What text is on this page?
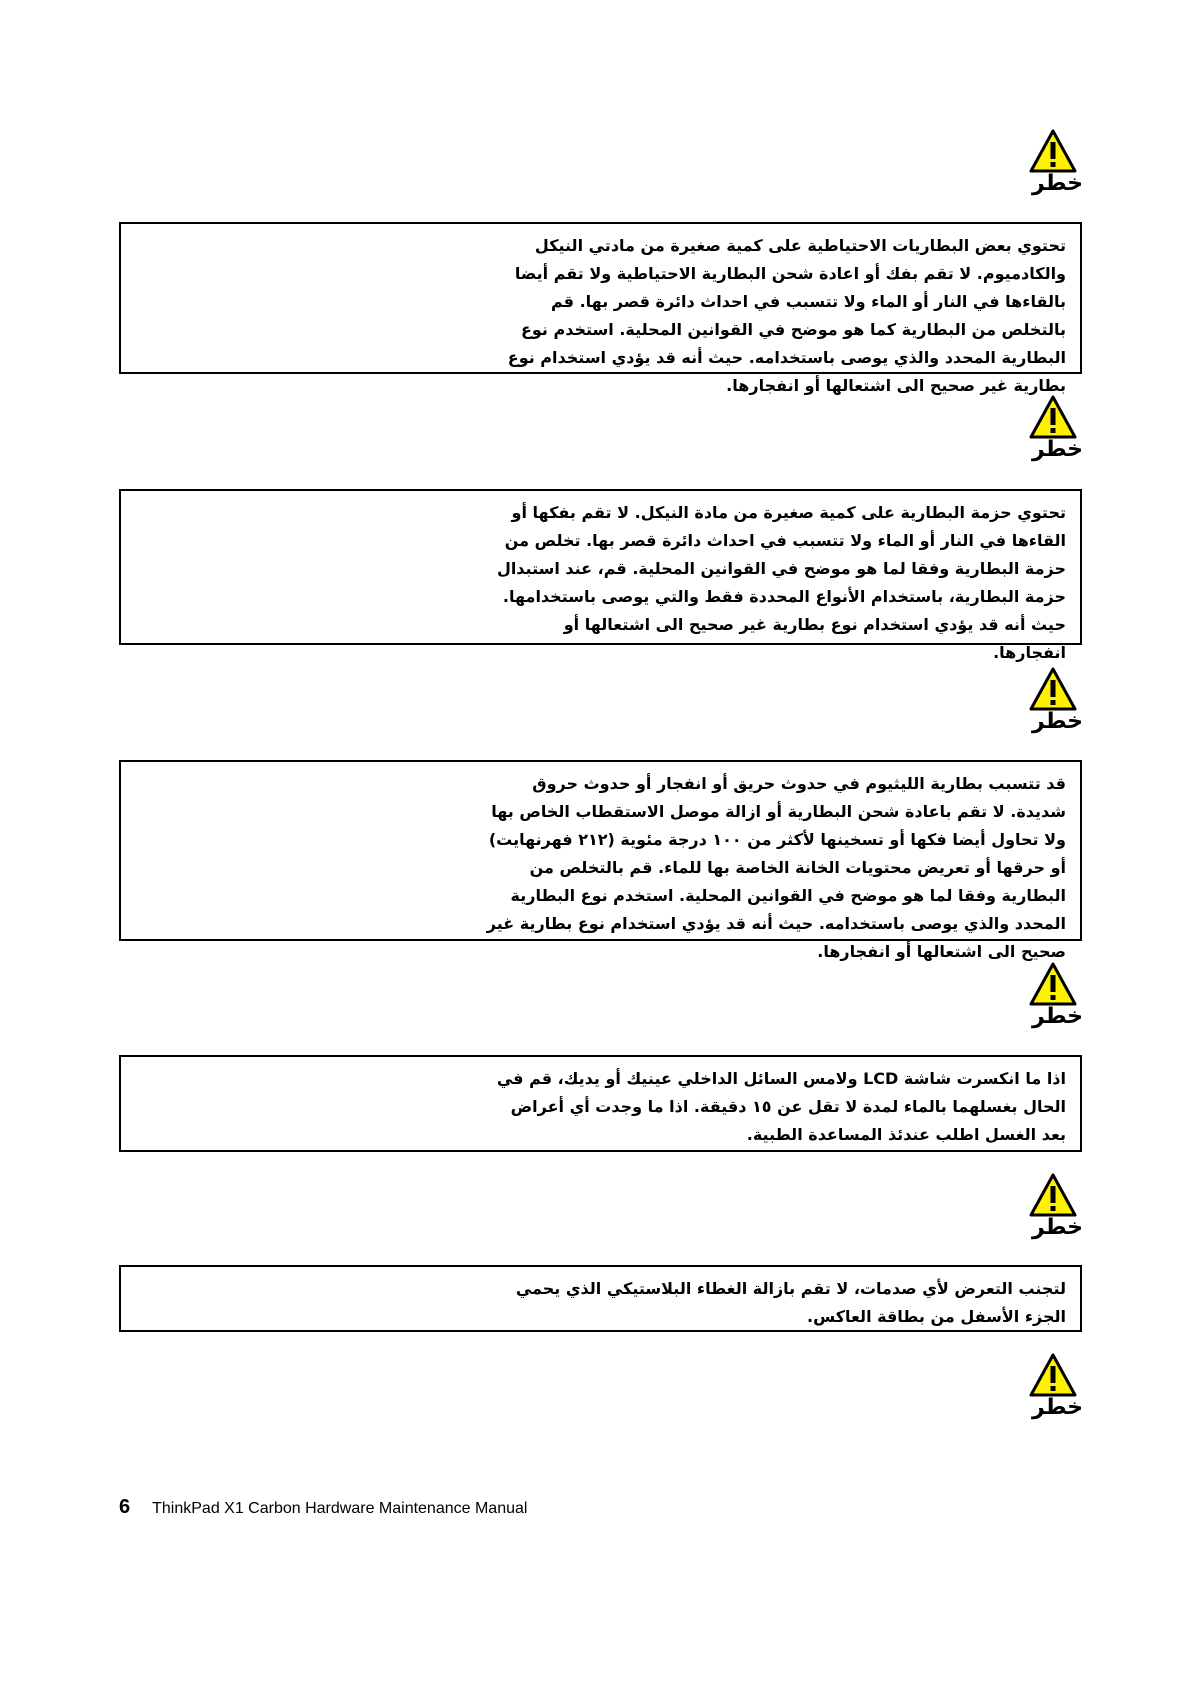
خطر

تحتوي بعض البطاريات الاحتياطية على كمية صغيرة من مادتي النيكل والكادميوم. لا تقم بفك أو اعادة شحن البطارية الاحتياطية ولا تقم أيضا بالقاءها في النار أو الماء ولا تتسبب في احداث دائرة قصر بها. قم بالتخلص من البطارية كما هو موضح في القوانين المحلية. استخدم نوع البطارية المحدد والذي يوصى باستخدامه. حيث أنه قد يؤدي استخدام نوع بطارية غير صحيح الى اشتعالها أو انفجارها.

خطر

تحتوي حزمة البطارية على كمية صغيرة من مادة النيكل. لا تقم بفكها أو القاءها في النار أو الماء ولا تتسبب في احداث دائرة قصر بها. تخلص من حزمة البطارية وفقا لما هو موضح في القوانين المحلية. قم، عند استبدال حزمة البطارية، باستخدام الأنواع المحددة فقط والتي يوصى باستخدامها. حيث أنه قد يؤدي استخدام نوع بطارية غير صحيح الى اشتعالها أو انفجارها.

خطر

قد تتسبب بطارية الليثيوم في حدوث حريق أو انفجار أو حدوث حروق شديدة. لا تقم باعادة شحن البطارية أو ازالة موصل الاستقطاب الخاص بها ولا تحاول أيضا فكها أو تسخينها لأكثر من ١٠٠ درجة مئوية (٢١٢ فهرنهايت) أو حرقها أو تعريض محتويات الخانة الخاصة بها للماء. قم بالتخلص من البطارية وفقا لما هو موضح في القوانين المحلية. استخدم نوع البطارية المحدد والذي يوصى باستخدامه. حيث أنه قد يؤدي استخدام نوع بطارية غير صحيح الى اشتعالها أو انفجارها.

خطر

اذا ما انكسرت شاشة LCD ولامس السائل الداخلي عينيك أو يديك، قم في الحال بغسلهما بالماء لمدة لا تقل عن ١٥ دقيقة. اذا ما وجدت أي أعراض بعد الغسل اطلب عندئذ المساعدة الطبية.

خطر

لتجنب التعرض لأي صدمات، لا تقم بازالة الغطاء البلاستيكي الذي يحمي الجزء الأسفل من بطاقة العاكس.

خطر
6 ThinkPad X1 Carbon Hardware Maintenance Manual
